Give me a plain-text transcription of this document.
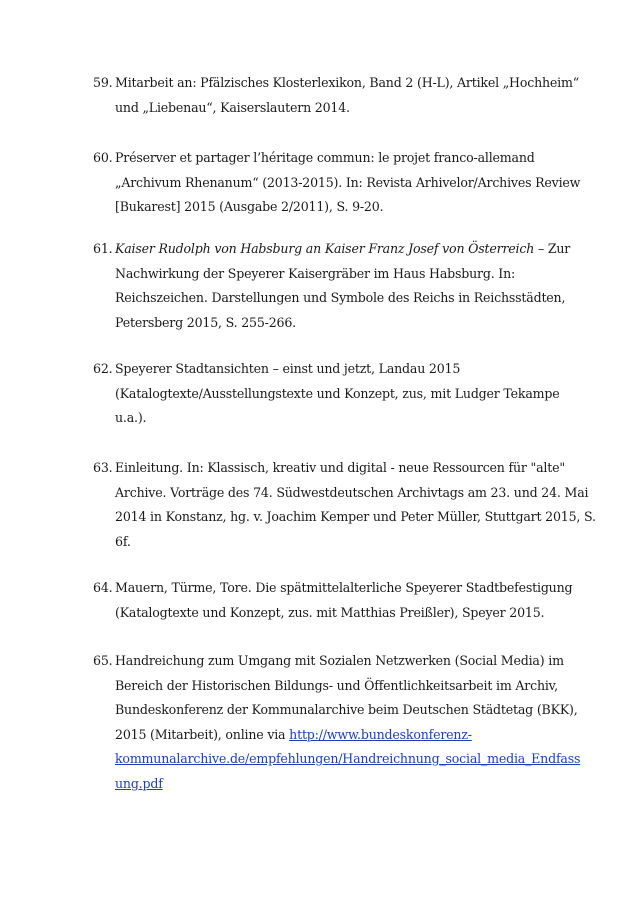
59. Mitarbeit an: Pfälzisches Klosterlexikon, Band 2 (H-L), Artikel „Hochheim“
und „Liebenau“, Kaiserslautern 2014.
60. Préserver et partager l’héritage commun: le projet franco-allemand
„Archivum Rhenanum“ (2013-2015). In: Revista Arhivelor/Archives Review
[Bukarest] 2015 (Ausgabe 2/2011), S. 9-20.
61. Kaiser Rudolph von Habsburg an Kaiser Franz Josef von Österreich – Zur
Nachwirkung der Speyerer Kaisergräber im Haus Habsburg. In:
Reichszeichen. Darstellungen und Symbole des Reichs in Reichsstädten,
Petersberg 2015, S. 255-266.
62. Speyerer Stadtansichten – einst und jetzt, Landau 2015
(Katalogtexte/Ausstellungstexte und Konzept, zus, mit Ludger Tekampe
u.a.).
63. Einleitung. In: Klassisch, kreativ und digital - neue Ressourcen für "alte"
Archive. Vorträge des 74. Südwestdeutschen Archivtags am 23. und 24. Mai
2014 in Konstanz, hg. v. Joachim Kemper und Peter Müller, Stuttgart 2015, S.
6f.
64. Mauern, Türme, Tore. Die spätmittelalterliche Speyerer Stadtbefestigung
(Katalogtexte und Konzept, zus. mit Matthias Preißler), Speyer 2015.
65. Handreichung zum Umgang mit Sozialen Netzwerken (Social Media) im
Bereich der Historischen Bildungs- und Öffentlichkeitsarbeit im Archiv,
Bundeskonferenz der Kommunalarchive beim Deutschen Städtetag (BKK),
2015 (Mitarbeit), online via http://www.bundeskonferenz-
kommunalarchive.de/empfehlungen/Handreichnung_social_media_Endfass
ung.pdf
